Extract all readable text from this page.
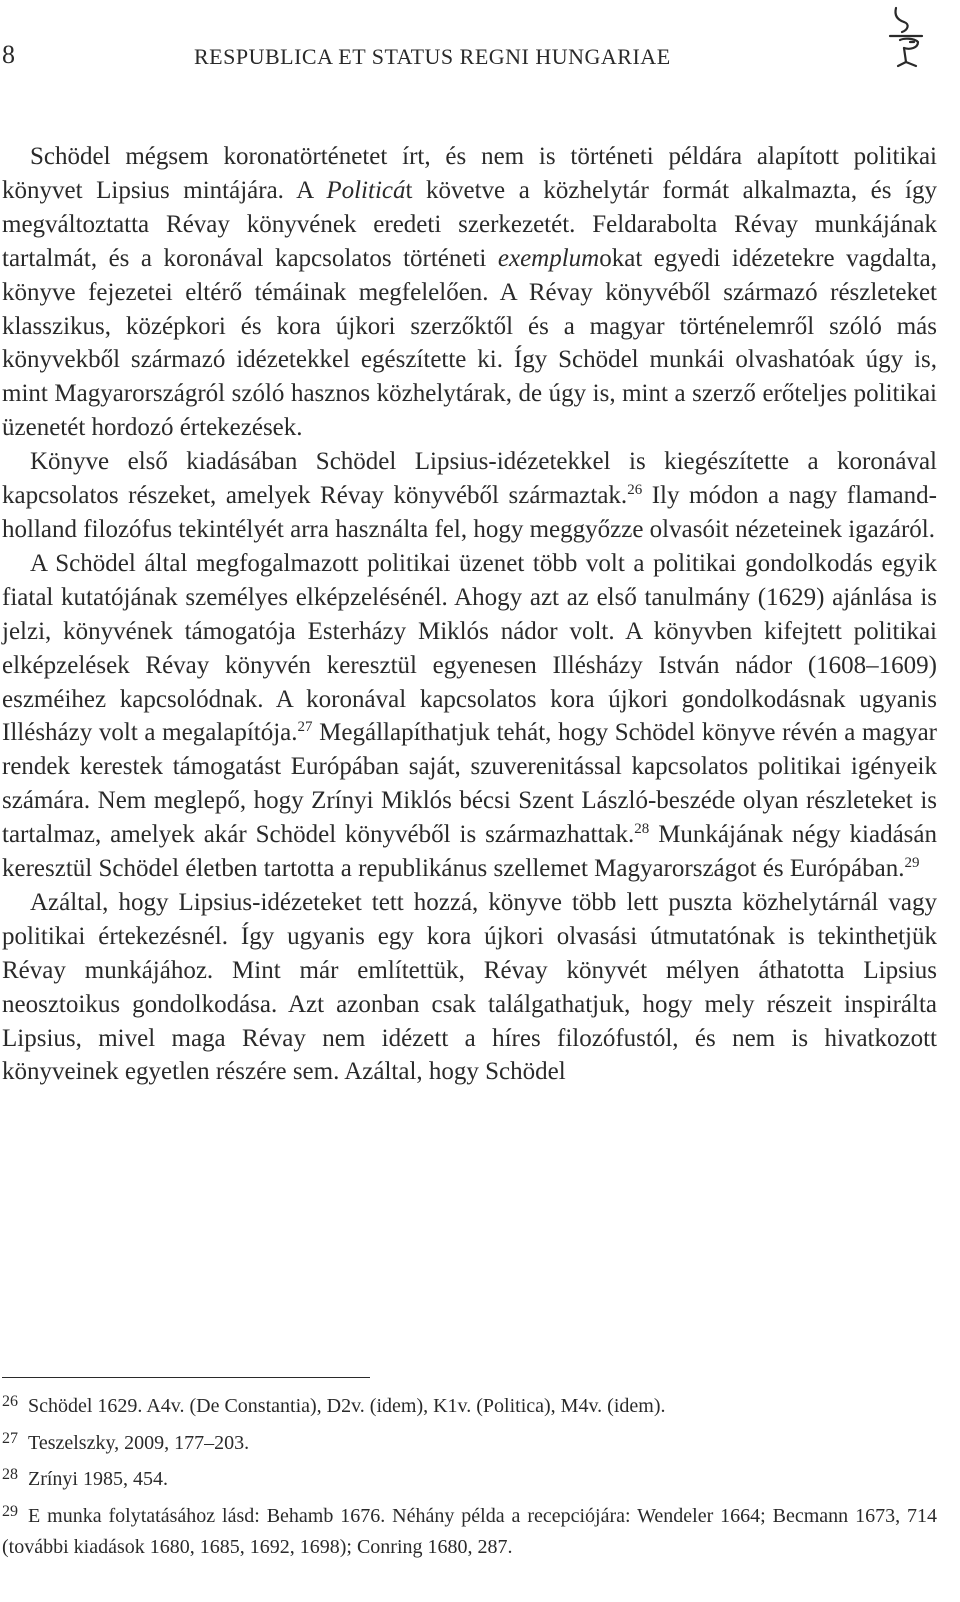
8	RESPUBLICA ET STATUS REGNI HUNGARIAE

Schödel mégsem koronatörténetet írt, és nem is történeti példára alapított politikai könyvet Lipsius mintájára. A Politicát követve a közhelytár formát alkalmazta, és így megváltoztatta Révay könyvének eredeti szerkezetét. Feldarabolta Révay munkájának tartalmát, és a koronával kapcsolatos történeti exemplumokat egyedi idézetekre vagdalta, könyve fejezetei eltérő témáinak megfelelően. A Révay könyvéből származó részleteket klasszikus, középkori és kora újkori szerzőktől és a magyar történelemről szóló más könyvekből származó idézetekkel egészítette ki. Így Schödel munkái olvashatóak úgy is, mint Magyarországról szóló hasznos közhelytárak, de úgy is, mint a szerző erőteljes politikai üzenetét hordozó értekezések.

Könyve első kiadásában Schödel Lipsius-idézetekkel is kiegészítette a koronával kapcsolatos részeket, amelyek Révay könyvéből származtak.$^{26}$ Ily módon a nagy flamand-holland filozófus tekintélyét arra használta fel, hogy meggyőzze olvasóit nézeteinek igazáról.

A Schödel által megfogalmazott politikai üzenet több volt a politikai gondolkodás egyik fiatal kutatójának személyes elképzelésénél. Ahogy azt az első tanulmány (1629) ajánlása is jelzi, könyvének támogatója Esterházy Miklós nádor volt. A könyvben kifejtett politikai elképzelések Révay könyvén keresztül egyenesen Illésházy István nádor (1608–1609) eszméihez kapcsolódnak. A koronával kapcsolatos kora újkori gondolkodásnak ugyanis Illésházy volt a megalapítója.$^{27}$ Megállapíthatjuk tehát, hogy Schödel könyve révén a magyar rendek kerestek támogatást Európában saját, szuverenitással kapcsolatos politikai igényeik számára. Nem meglepő, hogy Zrínyi Miklós bécsi Szent László-beszéde olyan részleteket is tartalmaz, amelyek akár Schödel könyvéből is származhattak.$^{28}$ Munkájának négy kiadásán keresztül Schödel életben tartotta a republikánus szellemet Magyarországot és Európában.$^{29}$

Azáltal, hogy Lipsius-idézeteket tett hozzá, könyve több lett puszta közhelytárnál vagy politikai értekezésnél. Így ugyanis egy kora újkori olvasási útmutatónak is tekinthetjük Révay munkájához. Mint már említettük, Révay könyvét mélyen áthatotta Lipsius neosztoikus gondolkodása. Azt azonban csak találgathatjuk, hogy mely részeit inspirálta Lipsius, mivel maga Révay nem idézett a híres filozófustól, és nem is hivatkozott könyveinek egyetlen részére sem. Azáltal, hogy Schödel

$^{26}$ Schödel 1629. A4v. (De Constantia), D2v. (idem), K1v. (Politica), M4v. (idem).

$^{27}$ Teszelszky, 2009, 177–203.

$^{28}$ Zrínyi 1985, 454.

$^{29}$ E munka folytatásához lásd: Behamb 1676. Néhány példa a recepciójára: Wendeler 1664; Becmann 1673, 714 (további kiadások 1680, 1685, 1692, 1698); Conring 1680, 287.
